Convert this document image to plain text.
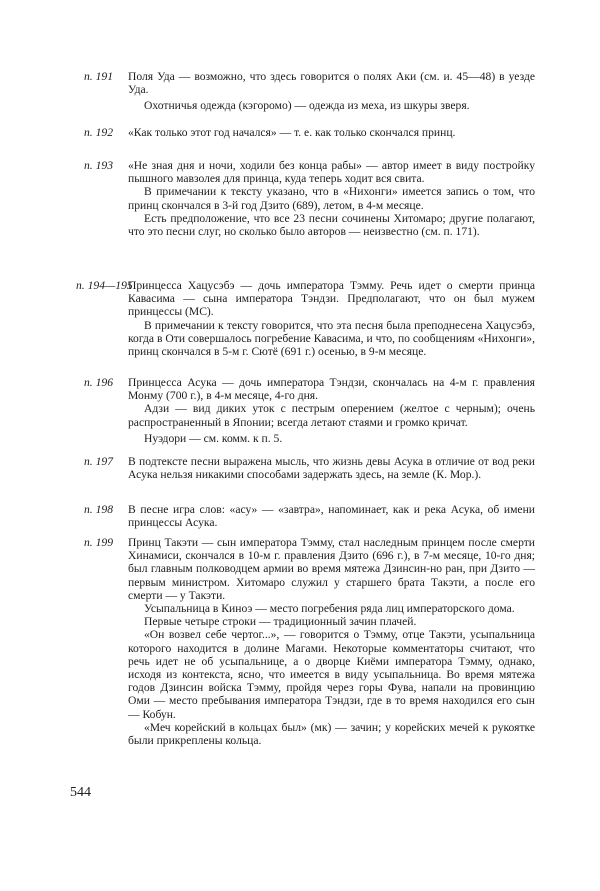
п. 191 Поля Уда — возможно, что здесь говорится о полях Аки (см. и. 45—48) в уезде Уда.

Охотничья одежда (кэгоромо) — одежда из меха, из шкуры зверя.

п. 192 «Как только этот год начался» — т. е. как только скончался принц.

п. 193 «Не зная дня и ночи, ходили без конца рабы» — автор имеет в виду постройку пышного мавзолея для принца, куда теперь ходит вся свита.

В примечании к тексту указано, что в «Нихонги» имеется запись о том, что принц скончался в 3-й год Дзито (689), летом, в 4-м месяце.

Есть предположение, что все 23 песни сочинены Хитомаро; другие полагают, что это песни слуг, но сколько было авторов — неизвестно (см. п. 171).

п. 194—195

Принцесса Хацусэбэ — дочь императора Тэмму. Речь идет о смерти принца Кавасима — сына императора Тэндзи. Предполагают, что он был мужем принцессы (МС).

В примечании к тексту говорится, что эта песня была преподнесена Хацусэбэ, когда в Оти совершалось погребение Кавасима, и что, по сообщениям «Нихонги», принц скончался в 5-м г. Сютё (691 г.) осенью, в 9-м месяце.

п. 196 Принцесса Асука — дочь императора Тэндзи, скончалась на 4-м г. правления Монму (700 г.), в 4-м месяце, 4-го дня.

Адзи — вид диких уток с пестрым оперением (желтое с черным); очень распространенный в Японии; всегда летают стаями и громко кричат.

Нуэдори — см. комм. к п. 5.

п. 197 В подтексте песни выражена мысль, что жизнь девы Асука в отличие от вод реки Асука нельзя никакими способами задержать здесь, на земле (К. Мор.).

п. 198 В песне игра слов: «асу» — «завтра», напоминает, как и река Асука, об имени принцессы Асука.

п. 199 Принц Такэти — сын императора Тэмму, стал наследным принцем после смерти Хинамиси, скончался в 10-м г. правления Дзито (696 г.), в 7-м месяце, 10-го дня; был главным полководцем армии во время мятежа Дзинсин-но ран, при Дзито — первым министром. Хитомаро служил у старшего брата Такэти, а после его смерти — у Такэти.

Усыпальница в Киноэ — место погребения ряда лиц императорского дома.

Первые четыре строки — традиционный зачин плачей.

«Он возвел себе чертог...», — говорится о Тэмму, отце Такэти, усыпальница которого находится в долине Магами. Некоторые комментаторы считают, что речь идет не об усыпальнице, а о дворце Киёми императора Тэмму, однако, исходя из контекста, ясно, что имеется в виду усыпальница. Во время мятежа годов Дзинсин войска Тэмму, пройдя через горы Фува, напали на провинцию Оми — место пребывания императора Тэндзи, где в то время находился его сын — Кобун.

«Меч корейский в кольцах был» (мк) — зачин; у корейских мечей к рукоятке были прикреплены кольца.

544
